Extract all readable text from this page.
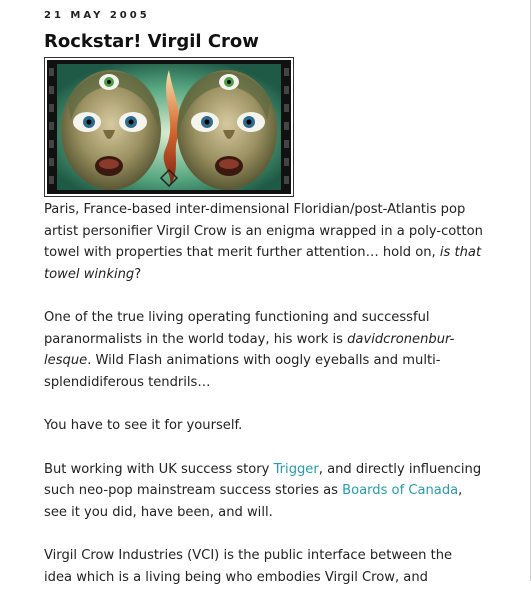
21 MAY 2005
Rockstar! Virgil Crow

Paris, France-based inter-dimensional Floridian/post-Atlantis pop artist personifier Virgil Crow is an enigma wrapped in a poly-cotton towel with properties that merit further attention… hold on, is that towel winking?

One of the true living operating functioning and successful paranormalists in the world today, his work is davidcronenbur-lesque. Wild Flash animations with oogly eyeballs and multi-splendidiferous tendrils…

You have to see it for yourself.

But working with UK success story Trigger, and directly influencing such neo-pop mainstream success stories as Boards of Canada, see it you did, have been, and will.

Virgil Crow Industries (VCI) is the public interface between the idea which is a living being who embodies Virgil Crow, and
